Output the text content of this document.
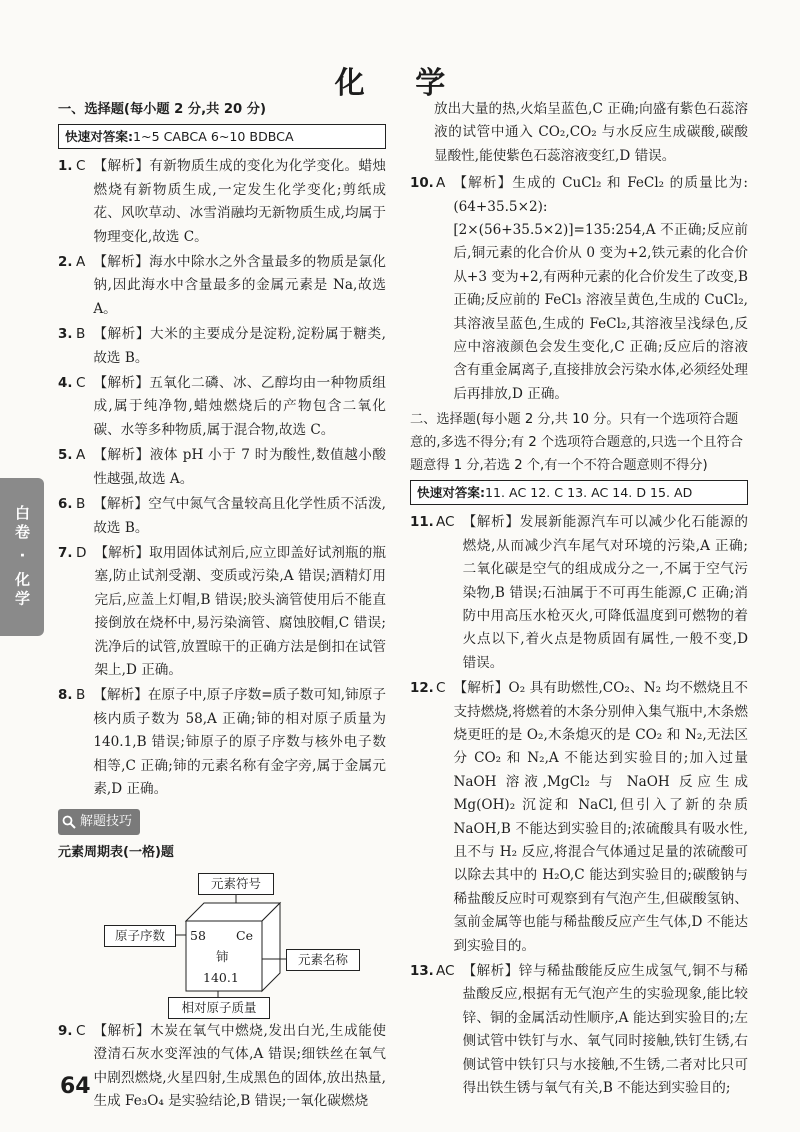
化 学
白卷 · 化学
一、选择题(每小题 2 分,共 20 分)
快速对答案:1~5 CABCA 6~10 BDBCA
1. C 【解析】有新物质生成的变化为化学变化。蜡烛燃烧有新物质生成,一定发生化学变化;剪纸成花、风吹草动、冰雪消融均无新物质生成,均属于物理变化,故选 C。
2. A 【解析】海水中除水之外含量最多的物质是氯化钠,因此海水中含量最多的金属元素是 Na,故选 A。
3. B 【解析】大米的主要成分是淀粉,淀粉属于糖类,故选 B。
4. C 【解析】五氧化二磷、冰、乙醇均由一种物质组成,属于纯净物,蜡烛燃烧后的产物包含二氧化碳、水等多种物质,属于混合物,故选 C。
5. A 【解析】液体 pH 小于 7 时为酸性,数值越小酸性越强,故选 A。
6. B 【解析】空气中氮气含量较高且化学性质不活泼,故选 B。
7. D 【解析】取用固体试剂后,应立即盖好试剂瓶的瓶塞,防止试剂受潮、变质或污染,A 错误;酒精灯用完后,应盖上灯帽,B 错误;胶头滴管使用后不能直接倒放在烧杯中,易污染滴管、腐蚀胶帽,C 错误;洗净后的试管,放置晾干的正确方法是倒扣在试管架上,D 正确。
8. B 【解析】在原子中,原子序数=质子数可知,铈原子核内质子数为 58,A 正确;铈的相对原子质量为 140.1,B 错误;铈原子的原子序数与核外电子数相等,C 正确;铈的元素名称有金字旁,属于金属元素,D 正确。
解题技巧
元素周期表(一格)题
元素符号
原子序数
元素名称
相对原子质量
58 Ce
铈
140.1
9. C 【解析】木炭在氧气中燃烧,发出白光,生成能使澄清石灰水变浑浊的气体,A 错误;细铁丝在氧气中剧烈燃烧,火星四射,生成黑色的固体,放出热量,生成 Fe₃O₄ 是实验结论,B 错误;一氧化碳燃烧
放出大量的热,火焰呈蓝色,C 正确;向盛有紫色石蕊溶液的试管中通入 CO₂,CO₂ 与水反应生成碳酸,碳酸显酸性,能使紫色石蕊溶液变红,D 错误。
10. A 【解析】生成的 CuCl₂ 和 FeCl₂ 的质量比为:(64+35.5×2):[2×(56+35.5×2)]=135:254,A 不正确;反应前后,铜元素的化合价从 0 变为+2,铁元素的化合价从+3 变为+2,有两种元素的化合价发生了改变,B 正确;反应前的 FeCl₃ 溶液呈黄色,生成的 CuCl₂,其溶液呈蓝色,生成的 FeCl₂,其溶液呈浅绿色,反应中溶液颜色会发生变化,C 正确;反应后的溶液含有重金属离子,直接排放会污染水体,必须经处理后再排放,D 正确。
二、选择题(每小题 2 分,共 10 分。只有一个选项符合题意的,多选不得分;有 2 个选项符合题意的,只选一个且符合题意得 1 分,若选 2 个,有一个不符合题意则不得分)
快速对答案:11. AC 12. C 13. AC 14. D 15. AD
11. AC 【解析】发展新能源汽车可以减少化石能源的燃烧,从而减少汽车尾气对环境的污染,A 正确;二氧化碳是空气的组成成分之一,不属于空气污染物,B 错误;石油属于不可再生能源,C 正确;消防中用高压水枪灭火,可降低温度到可燃物的着火点以下,着火点是物质固有属性,一般不变,D 错误。
12. C 【解析】O₂ 具有助燃性,CO₂、N₂ 均不燃烧且不支持燃烧,将燃着的木条分别伸入集气瓶中,木条燃烧更旺的是 O₂,木条熄灭的是 CO₂ 和 N₂,无法区分 CO₂ 和 N₂,A 不能达到实验目的;加入过量 NaOH 溶液,MgCl₂ 与 NaOH 反应生成 Mg(OH)₂ 沉淀和 NaCl,但引入了新的杂质 NaOH,B 不能达到实验目的;浓硫酸具有吸水性,且不与 H₂ 反应,将混合气体通过足量的浓硫酸可以除去其中的 H₂O,C 能达到实验目的;碳酸钠与稀盐酸反应时可观察到有气泡产生,但碳酸氢钠、氢前金属等也能与稀盐酸反应产生气体,D 不能达到实验目的。
13. AC 【解析】锌与稀盐酸能反应生成氢气,铜不与稀盐酸反应,根据有无气泡产生的实验现象,能比较锌、铜的金属活动性顺序,A 能达到实验目的;左侧试管中铁钉与水、氧气同时接触,铁钉生锈,右侧试管中铁钉只与水接触,不生锈,二者对比只可得出铁生锈与氧气有关,B 不能达到实验目的;
64
